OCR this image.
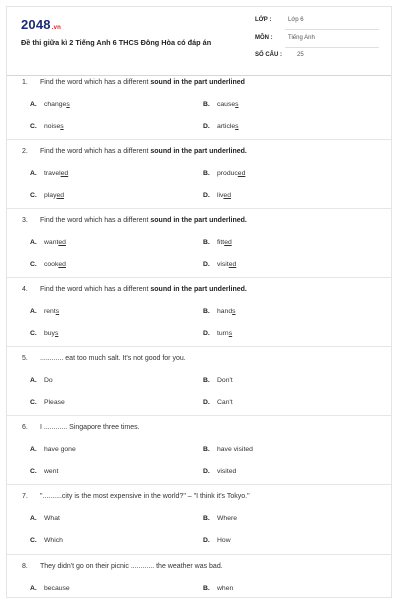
2048.vn
Đề thi giữa kì 2 Tiếng Anh 6 THCS Đông Hòa có đáp án
LỚP :	Lớp 6
MÔN :	Tiếng Anh
SỐ CÂU :	25
1. Find the word which has a different sound in the part underlined
A. changes	B. causes
C. noises	D. articles
2. Find the word which has a different sound in the part underlined.
A. traveled	B. produced
C. played	D. lived
3. Find the word which has a different sound in the part underlined.
A. wanted	B. fitted
C. cooked	D. visited
4. Find the word which has a different sound in the part underlined.
A. rents	B. hands
C. buys	D. turns
5. ............ eat too much salt. It's not good for you.
A. Do	B. Don't
C. Please	D. Can't
6. I ............ Singapore three times.
A. have gone	B. have visited
C. went	D. visited
7. "..........city is the most expensive in the world?" – "I think it's Tokyo."
A. What	B. Where
C. Which	D. How
8. They didn't go on their picnic ............ the weather was bad.
A. because	B. when
